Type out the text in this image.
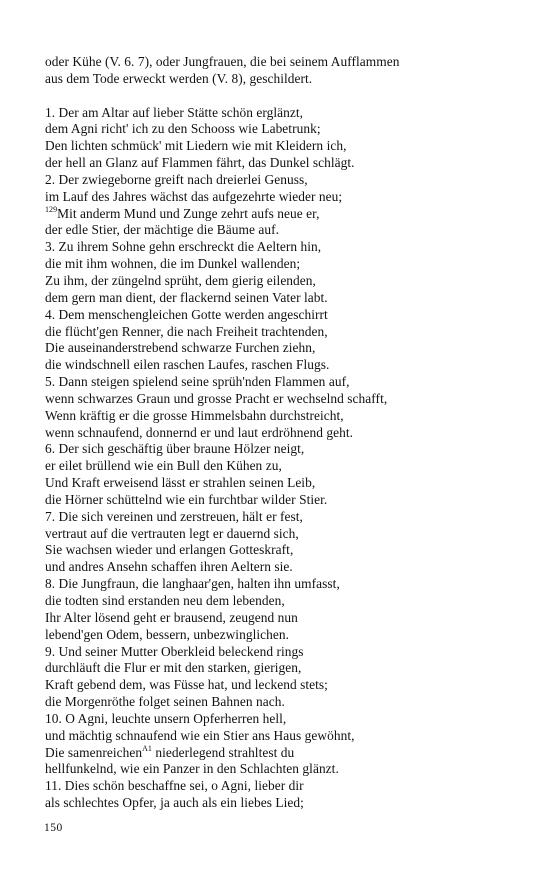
oder Kühe (V. 6. 7), oder Jungfrauen, die bei seinem Aufflammen
aus dem Tode erweckt werden (V. 8), geschildert.
1. Der am Altar auf lieber Stätte schön erglänzt,
dem Agni richt' ich zu den Schooss wie Labetrunk;
Den lichten schmück' mit Liedern wie mit Kleidern ich,
der hell an Glanz auf Flammen fährt, das Dunkel schlägt.
2. Der zwiegeborne greift nach dreierlei Genuss,
im Lauf des Jahres wächst das aufgezehrte wieder neu;
$^{129}$Mit anderm Mund und Zunge zehrt aufs neue er,
der edle Stier, der mächtige die Bäume auf.
3. Zu ihrem Sohne gehn erschreckt die Aeltern hin,
die mit ihm wohnen, die im Dunkel wallenden;
Zu ihm, der züngelnd sprüht, dem gierig eilenden,
dem gern man dient, der flackernd seinen Vater labt.
4. Dem menschengleichen Gotte werden angeschirrt
die flücht'gen Renner, die nach Freiheit trachtenden,
Die auseinanderstrebend schwarze Furchen ziehn,
die windschnell eilen raschen Laufes, raschen Flugs.
5. Dann steigen spielend seine sprüh'nden Flammen auf,
wenn schwarzes Graun und grosse Pracht er wechselnd schafft,
Wenn kräftig er die grosse Himmelsbahn durchstreicht,
wenn schnaufend, donnernd er und laut erdröhnend geht.
6. Der sich geschäftig über braune Hölzer neigt,
er eilet brüllend wie ein Bull den Kühen zu,
Und Kraft erweisend lässt er strahlen seinen Leib,
die Hörner schüttelnd wie ein furchtbar wilder Stier.
7. Die sich vereinen und zerstreuen, hält er fest,
vertraut auf die vertrauten legt er dauernd sich,
Sie wachsen wieder und erlangen Gotteskraft,
und andres Ansehn schaffen ihren Aeltern sie.
8. Die Jungfraun, die langhaar'gen, halten ihn umfasst,
die todten sind erstanden neu dem lebenden,
Ihr Alter lösend geht er brausend, zeugend nun
lebend'gen Odem, bessern, unbezwinglichen.
9. Und seiner Mutter Oberkleid beleckend rings
durchläuft die Flur er mit den starken, gierigen,
Kraft gebend dem, was Füsse hat, und leckend stets;
die Morgenröthe folget seinen Bahnen nach.
10. O Agni, leuchte unsern Opferherren hell,
und mächtig schnaufend wie ein Stier ans Haus gewöhnt,
Die samenreichen$^{A1}$ niederlegend strahltest du
hellfunkelnd, wie ein Panzer in den Schlachten glänzt.
11. Dies schön beschaffne sei, o Agni, lieber dir
als schlechtes Opfer, ja auch als ein liebes Lied;
150
